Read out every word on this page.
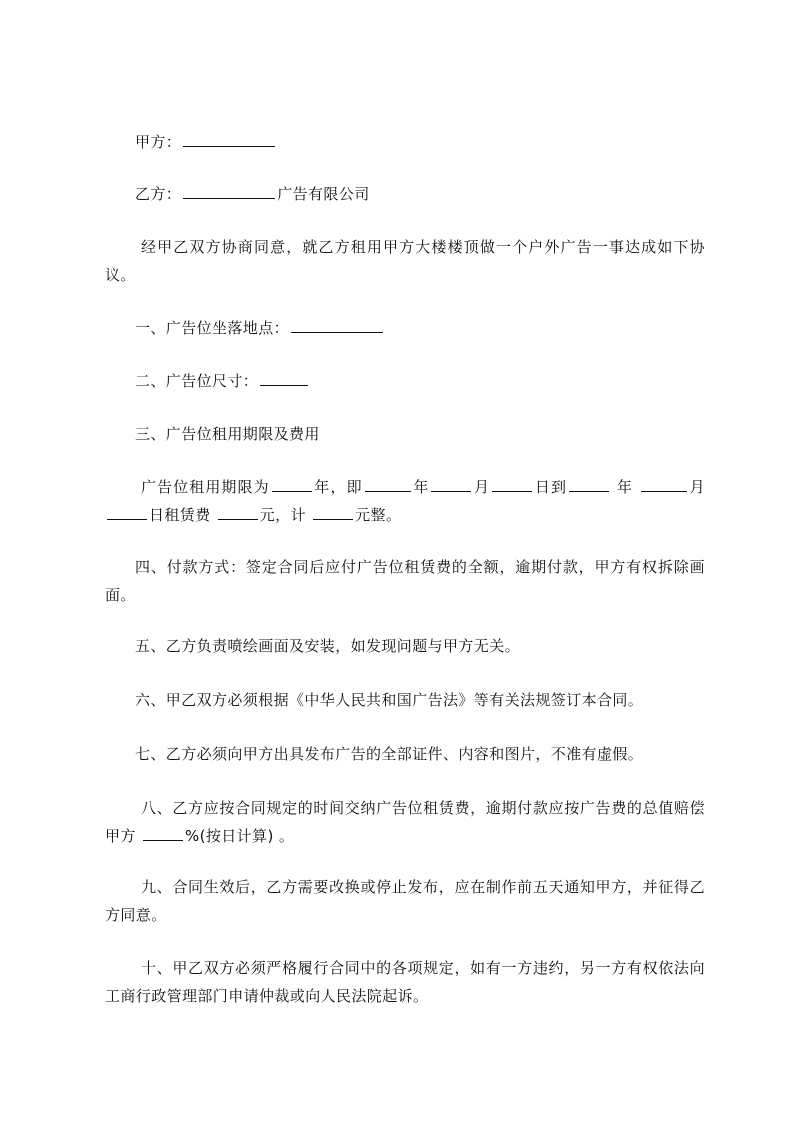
甲方：

乙方：	广告有限公司

经甲乙双方协商同意，就乙方租用甲方大楼楼顶做一个户外广告一事达成如下协议。

一、广告位坐落地点：

二、广告位尺寸：

三、广告位租用期限及费用

广告位租用期限为	年，即	年	月	日到	年	月 日租赁费	元，计	元整。

四、付款方式：签定合同后应付广告位租赁费的全额，逾期付款，甲方有权拆除画面。

五、乙方负责喷绘画面及安装，如发现问题与甲方无关。

六、甲乙双方必须根据《中华人民共和国广告法》等有关法规签订本合同。

七、乙方必须向甲方出具发布广告的全部证件、内容和图片，不准有虚假。

八、乙方应按合同规定的时间交纳广告位租赁费，逾期付款应按广告费的总值赔偿甲方	%(按日计算) 。

九、合同生效后，乙方需要改换或停止发布，应在制作前五天通知甲方，并征得乙方同意。

十、甲乙双方必须严格履行合同中的各项规定，如有一方违约，另一方有权依法向工商行政管理部门申请仲裁或向人民法院起诉。
